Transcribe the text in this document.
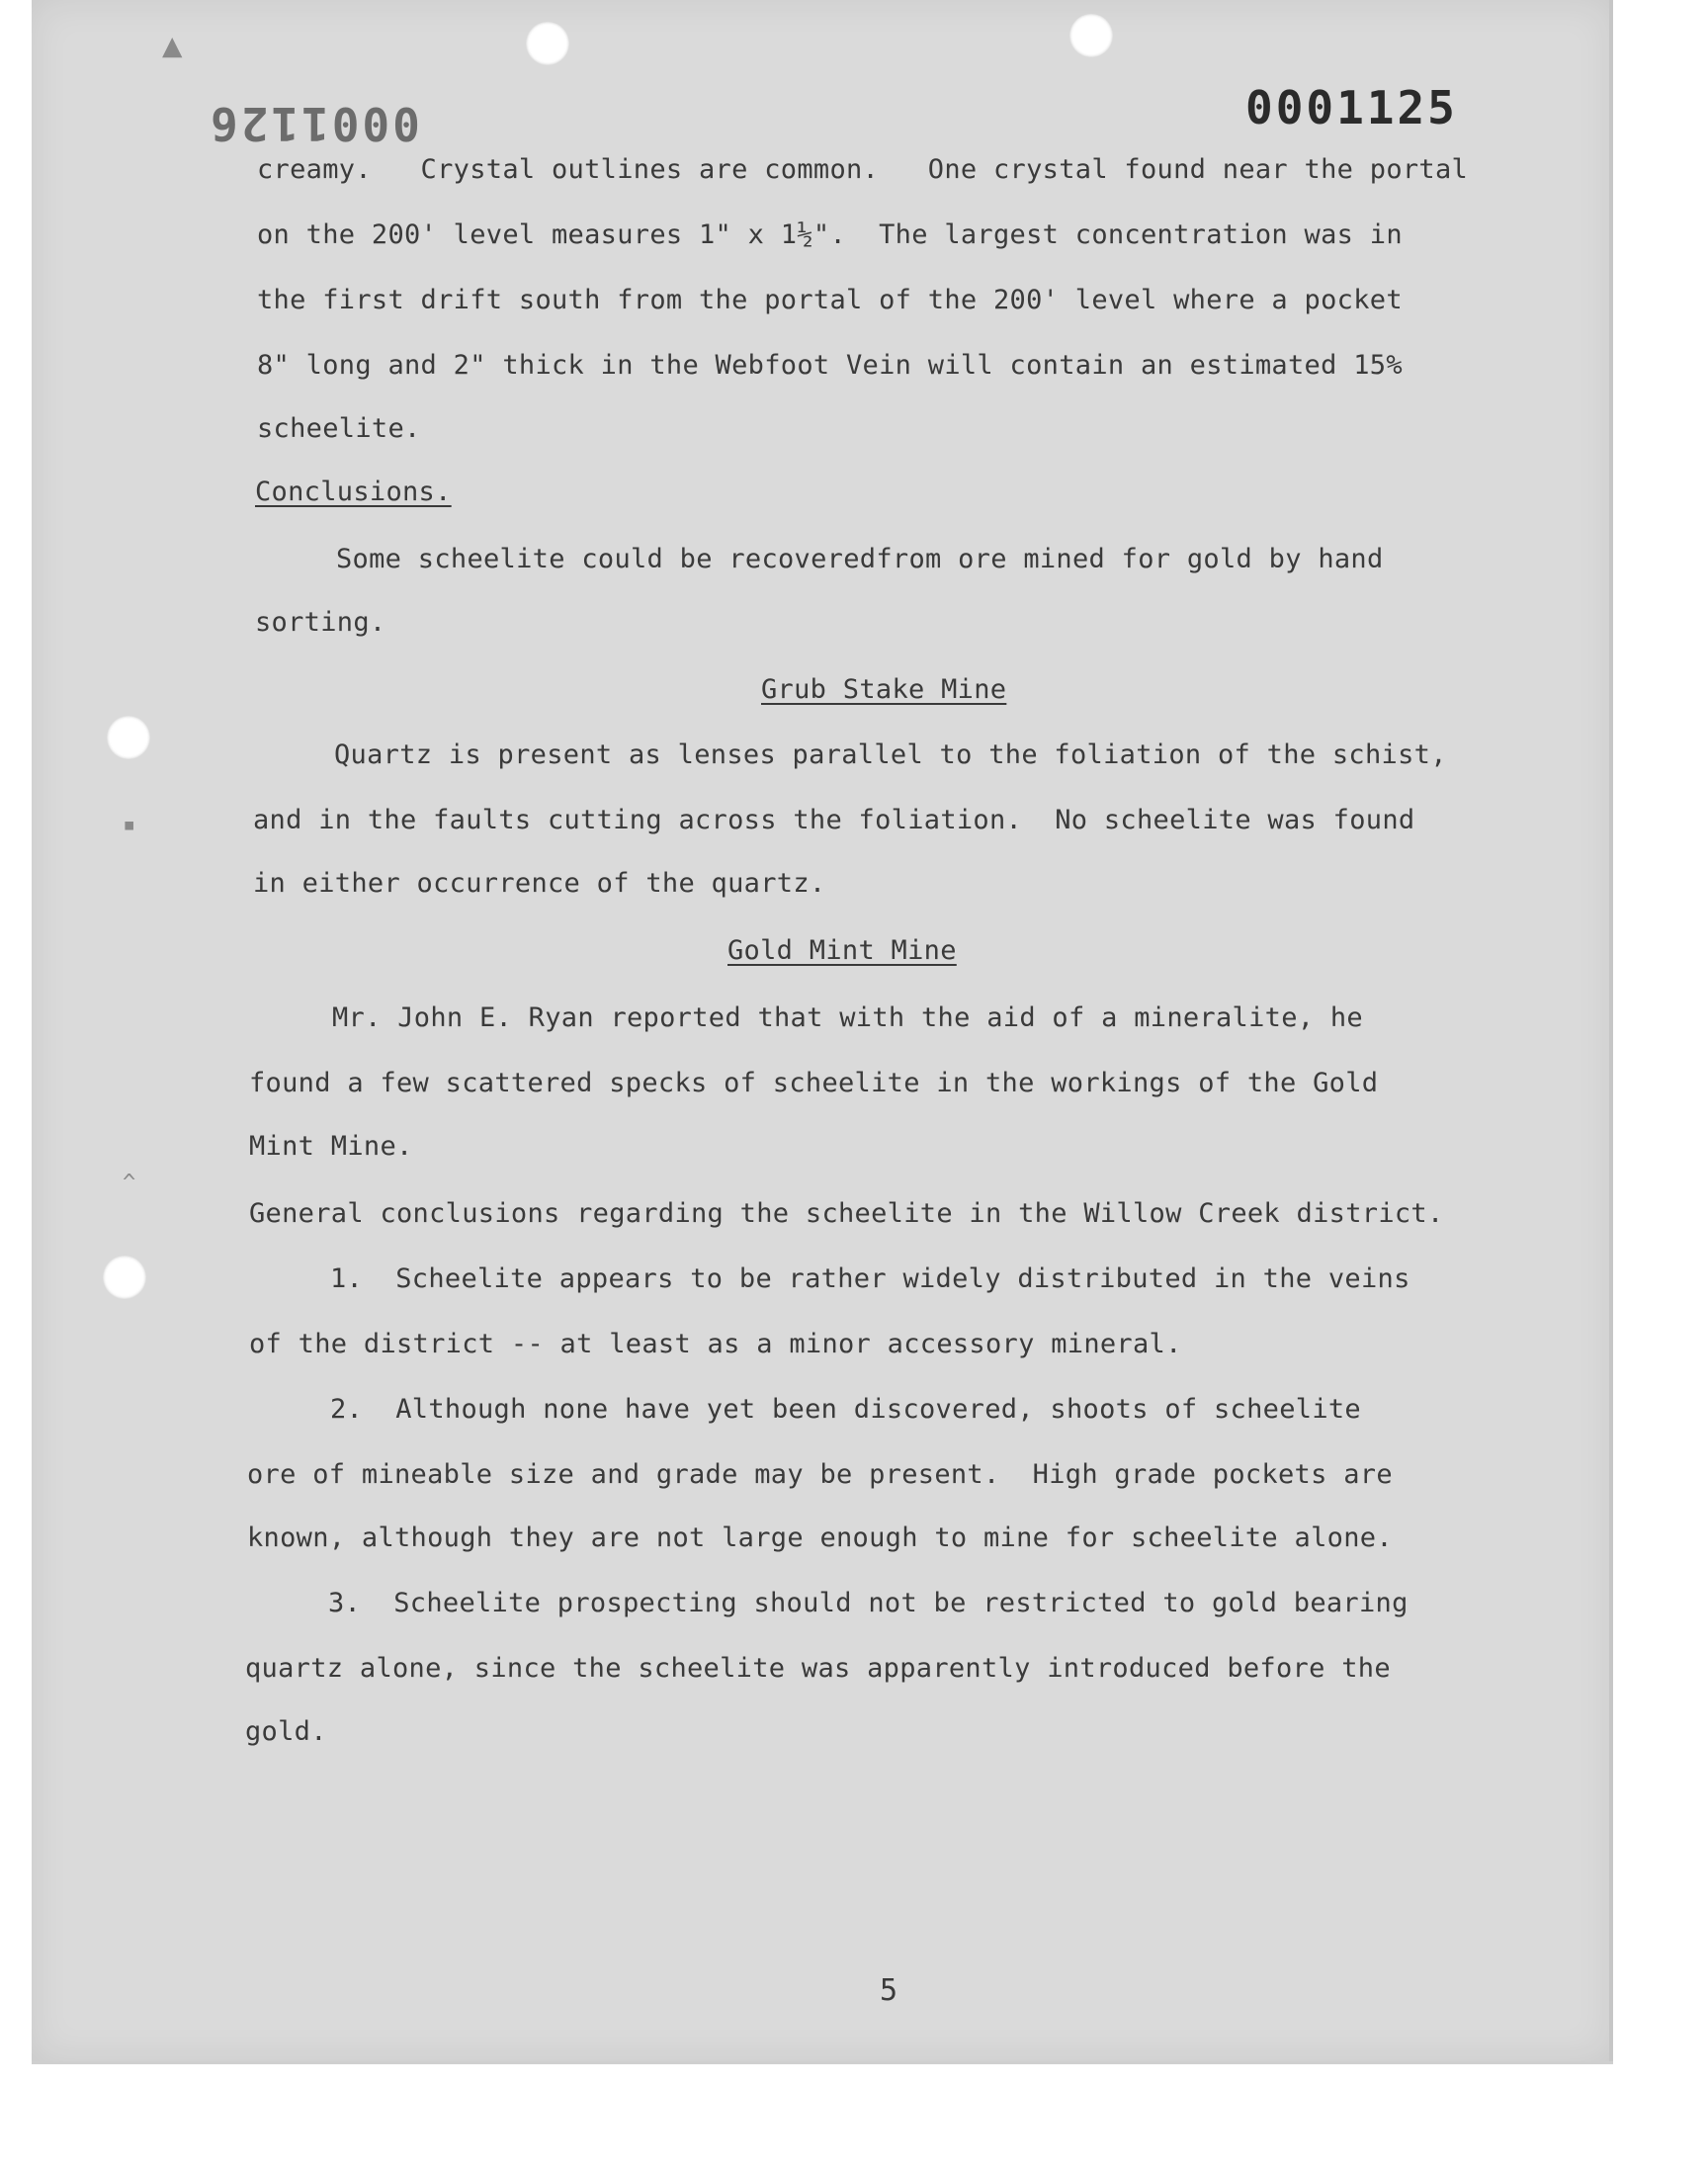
▲
▪
^
0001125
0001126
creamy.   Crystal outlines are common.   One crystal found near the portal
on the 200' level measures 1" x 1½".  The largest concentration was in
the first drift south from the portal of the 200' level where a pocket
8" long and 2" thick in the Webfoot Vein will contain an estimated 15%
scheelite.
Conclusions.
Some scheelite could be recoveredfrom ore mined for gold by hand
sorting.
Grub Stake Mine
Quartz is present as lenses parallel to the foliation of the schist,
and in the faults cutting across the foliation.  No scheelite was found
in either occurrence of the quartz.
Gold Mint Mine
Mr. John E. Ryan reported that with the aid of a mineralite, he
found a few scattered specks of scheelite in the workings of the Gold
Mint Mine.
General conclusions regarding the scheelite in the Willow Creek district.
1.  Scheelite appears to be rather widely distributed in the veins
of the district -- at least as a minor accessory mineral.
2.  Although none have yet been discovered, shoots of scheelite
ore of mineable size and grade may be present.  High grade pockets are
known, although they are not large enough to mine for scheelite alone.
3.  Scheelite prospecting should not be restricted to gold bearing
quartz alone, since the scheelite was apparently introduced before the
gold.
5
